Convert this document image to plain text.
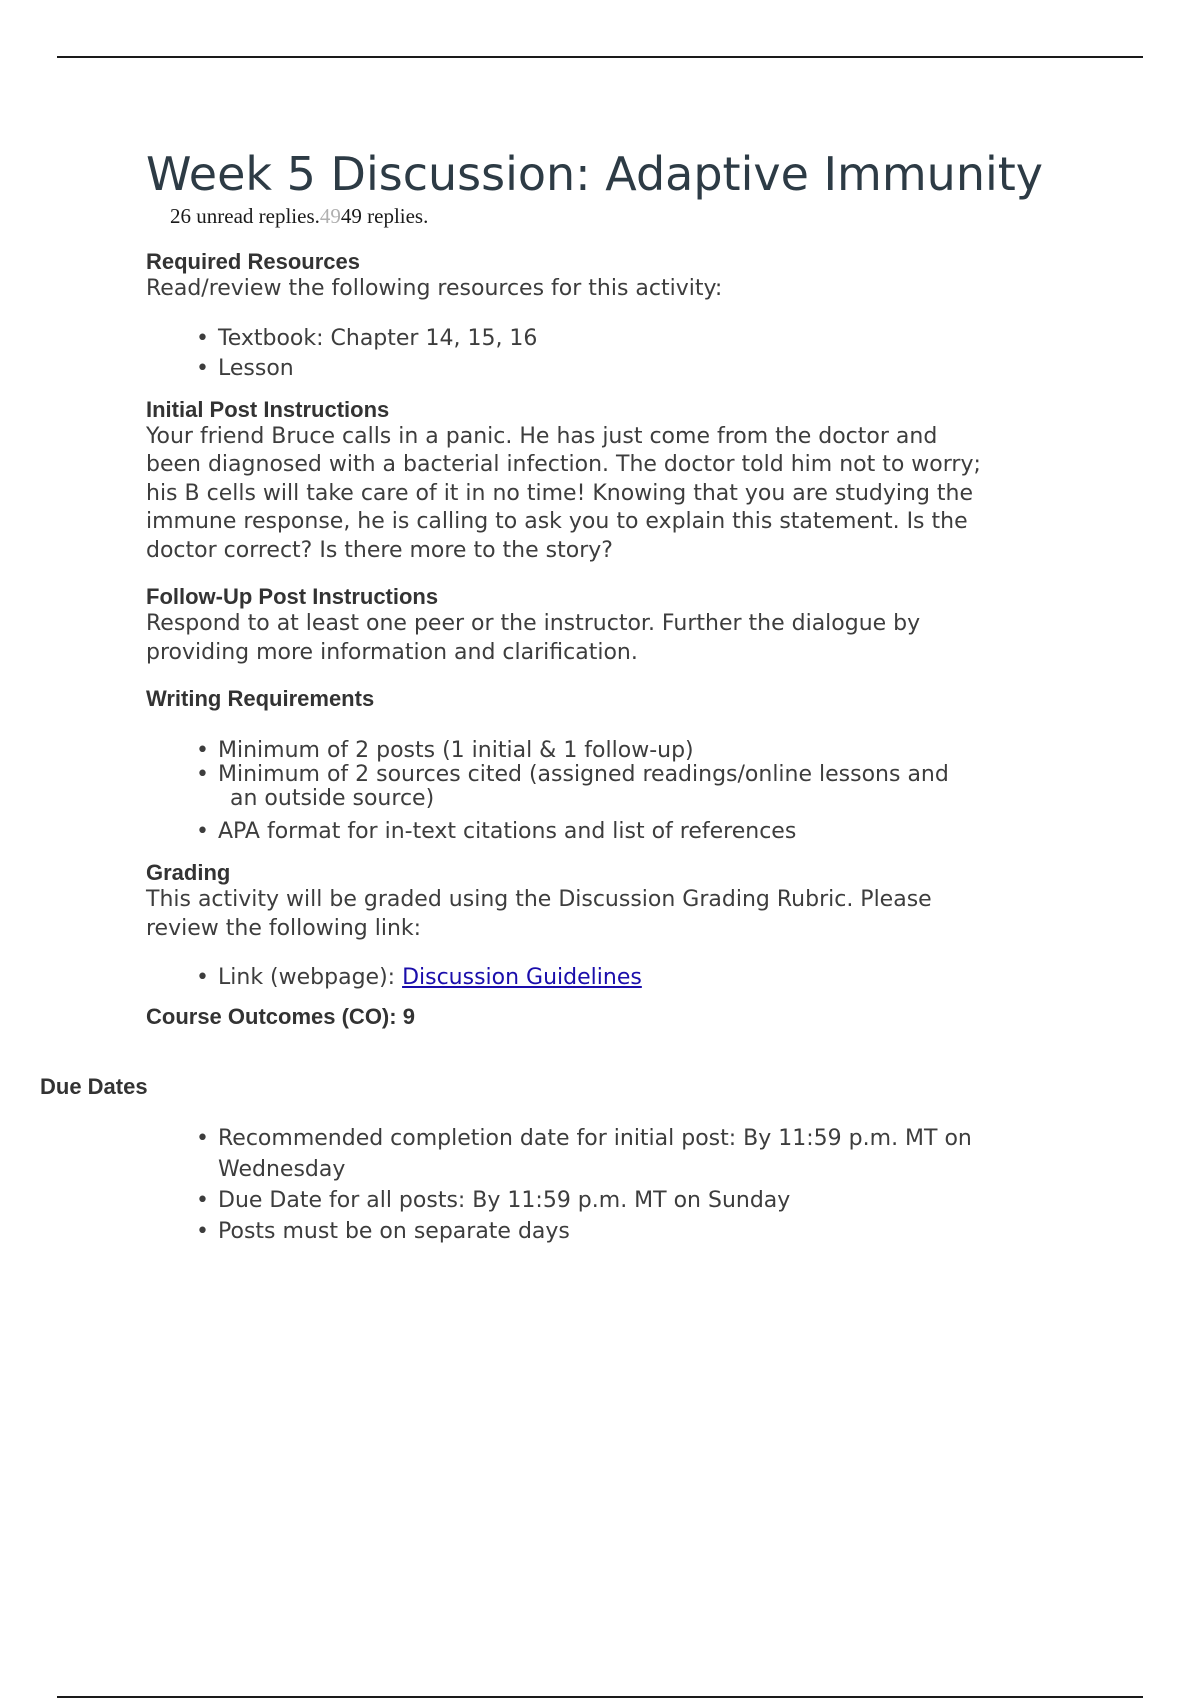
Week 5 Discussion: Adaptive Immunity

26 unread replies.4949 replies.

Required Resources

Read/review the following resources for this activity:

• Textbook: Chapter 14, 15, 16
• Lesson
Initial Post Instructions

Your friend Bruce calls in a panic. He has just come from the doctor and
been diagnosed with a bacterial infection. The doctor told him not to worry;
his B cells will take care of it in no time! Knowing that you are studying the
immune response, he is calling to ask you to explain this statement. Is the
doctor correct? Is there more to the story?

Follow-Up Post Instructions

Respond to at least one peer or the instructor. Further the dialogue by
providing more information and clarification.

Writing Requirements
• Minimum of 2 posts (1 initial & 1 follow-up)
• Minimum of 2 sources cited (assigned readings/online lessons and
an outside source)
• APA format for in-text citations and list of references
Grading

This activity will be graded using the Discussion Grading Rubric. Please
review the following link:

• Link (webpage): Discussion Guidelines
Course Outcomes (CO): 9
Due Dates
• Recommended completion date for initial post: By 11:59 p.m. MT on
Wednesday
• Due Date for all posts: By 11:59 p.m. MT on Sunday
• Posts must be on separate days
